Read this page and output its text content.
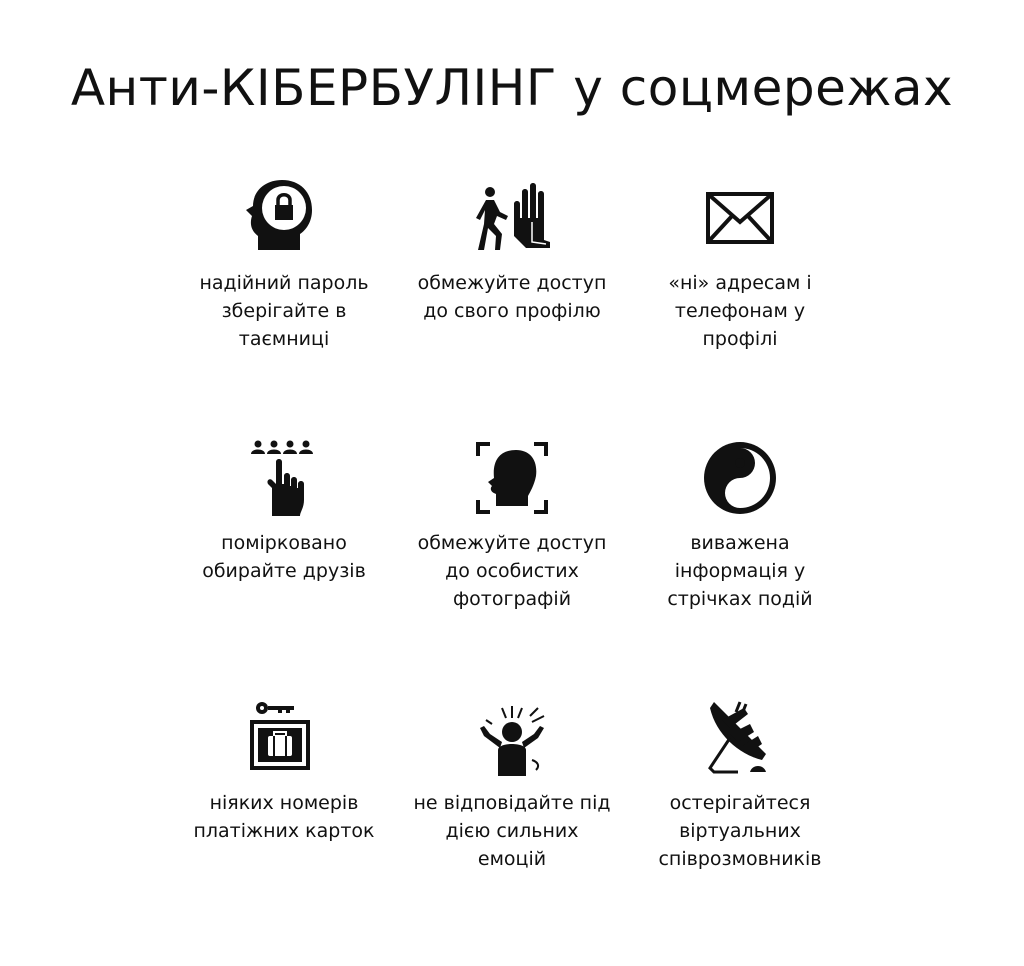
Анти-КІБЕРБУЛІНГ у соцмережах
надійний пароль зберігайте в таємниці
обмежуйте доступ до свого профілю
«ні» адресам і телефонам у профілі
поміркованo обирайте друзів
обмежуйте доступ до особистих фотографій
виважена інформація у стрічках подій
ніяких номерів платіжних карток
не відповідайте під дією сильних емоцій
остерігайтеся віртуальних співрозмовників
